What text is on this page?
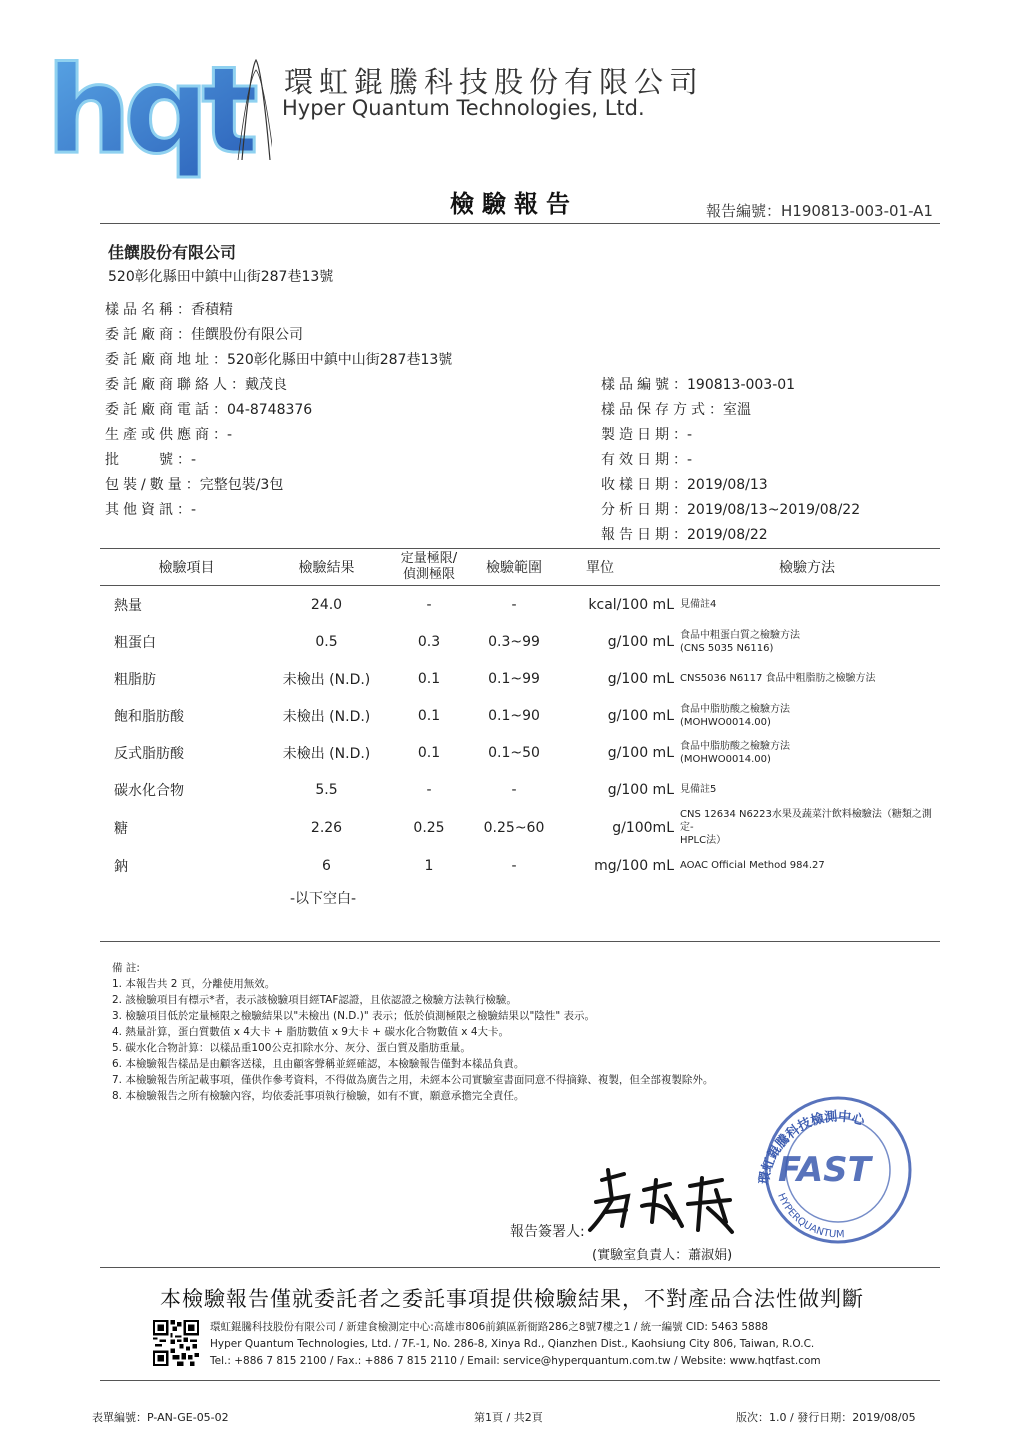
hqt 環虹錕騰科技股份有限公司
Hyper Quantum Technologies, Ltd.
檢驗報告	報告編號：H190813-003-01-A1
佳饌股份有限公司
520彰化縣田中鎮中山街287巷13號
樣品名稱 ：香積精
委託廠商 ：佳饌股份有限公司
委託廠商地址 ：520彰化縣田中鎮中山街287巷13號
委託廠商聯絡人 ：戴茂良
委託廠商電話 ：04-8748376
生產或供應商 ：-
批　　號 ：-
包裝/數量 ：完整包裝/3包
其他資訊 ：-
樣品編號 ：190813-003-01
樣品保存方式 ：室溫
製造日期 ：-
有效日期 ：-
收樣日期 ：2019/08/13
分析日期 ：2019/08/13~2019/08/22
報告日期 ：2019/08/22
檢驗項目	檢驗結果	定量極限/
偵測極限	檢驗範圍	單位	檢驗方法
熱量	24.0	-	-	kcal/100 mL	見備註4

粗蛋白	0.5	0.3	0.3~99	g/100 mL	食品中粗蛋白質之檢驗方法
(CNS 5035 N6116)
粗脂肪	未檢出 (N.D.)	0.1	0.1~99	g/100 mL	CNS5036 N6117 食品中粗脂肪之檢驗方法

飽和脂肪酸	未檢出 (N.D.)	0.1	0.1~90	g/100 mL	食品中脂肪酸之檢驗方法
(MOHWO0014.00)
反式脂肪酸	未檢出 (N.D.)	0.1	0.1~50	g/100 mL	食品中脂肪酸之檢驗方法
(MOHWO0014.00)
碳水化合物	5.5	-	-	g/100 mL	見備註5

糖	2.26	0.25	0.25~60	g/100mL	CNS 12634 N6223水果及蔬菜汁飲料檢驗法（糖類之測定-
HPLC法）
鈉	6	1	-	mg/100 mL	AOAC Official Method 984.27

-以下空白-
備 註:
1. 本報告共 2 頁，分離使用無效。
2. 該檢驗項目有標示*者，表示該檢驗項目經TAF認證，且依認證之檢驗方法執行檢驗。
3. 檢驗項目低於定量極限之檢驗結果以"未檢出 (N.D.)" 表示；低於偵測極限之檢驗結果以"陰性" 表示。
4. 熱量計算，蛋白質數值 x 4大卡 + 脂肪數值 x 9大卡 + 碳水化合物數值 x 4大卡。
5. 碳水化合物計算：以樣品重100公克扣除水分、灰分、蛋白質及脂肪重量。
6. 本檢驗報告樣品是由顧客送樣，且由顧客聲稱並經確認，本檢驗報告僅對本樣品負責。
7. 本檢驗報告所記載事項，僅供作參考資料，不得做為廣告之用，未經本公司實驗室書面同意不得摘錄、複製，但全部複製除外。
8. 本檢驗報告之所有檢驗內容，均依委託事項執行檢驗，如有不實，願意承擔完全責任。
環虹錕騰科技檢測中心
FAST
HYPERQUANTUM
報告簽署人:
(實驗室負責人：蕭淑娟)
本檢驗報告僅就委託者之委託事項提供檢驗結果，不對產品合法性做判斷
環虹錕騰科技股份有限公司 / 新建食檢測定中心:高雄市806前鎮區新衙路286之8號7樓之1 / 統一編號 CID: 5463 5888
Hyper Quantum Technologies, Ltd. / 7F.-1, No. 286-8, Xinya Rd., Qianzhen Dist., Kaohsiung City 806, Taiwan, R.O.C.
Tel.: +886 7 815 2100 / Fax.: +886 7 815 2110 / Email: service@hyperquantum.com.tw / Website: www.hqtfast.com
表單編號：P-AN-GE-05-02	第1頁 / 共2頁	版次：1.0 / 發行日期：2019/08/05
